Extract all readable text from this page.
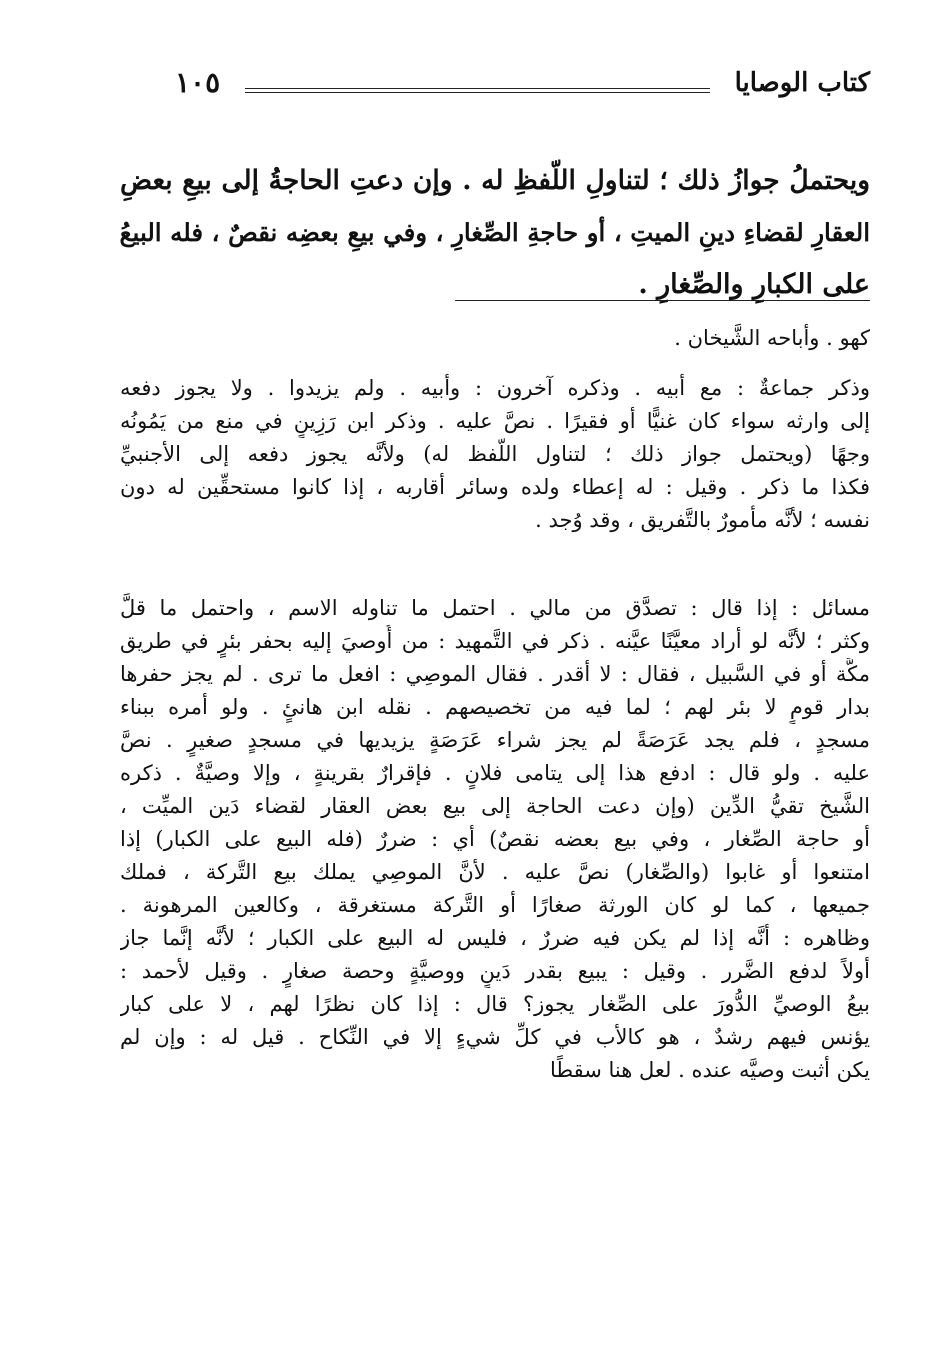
كتاب الوصايا
١٠٥
ويحتملُ جوازُ ذلك ؛ لتناولِ اللّفظِ له . وإن دعتِ الحاجةُ إلى بيعِ بعضِ
العقارِ لقضاءِ دينِ الميتِ ، أو حاجةِ الصِّغارِ ، وفي بيعِ بعضِه نقصٌ ، فله البيعُ
على الكبارِ والصِّغارِ .
كهو . وأباحه الشَّيخان .
وذكر جماعةٌ : مع أبيه . وذكره آخرون : وأبيه . ولم يزيدوا . ولا يجوز دفعه
إلى وارثه سواء كان غنيًّا أو فقيرًا . نصَّ عليه . وذكر ابن رَزِينٍ في منع من يَمُونُه
وجهًا (ويحتمل جواز ذلك ؛ لتناول اللّفظ له) ولأنَّه يجوز دفعه إلى الأجنبيِّ
فكذا ما ذكر . وقيل : له إعطاء ولده وسائر أقاربه ، إذا كانوا مستحقِّين له دون
نفسه ؛ لأنَّه مأمورٌ بالتَّفريق ، وقد وُجد .
مسائل : إذا قال : تصدَّق من مالي . احتمل ما تناوله الاسم ، واحتمل ما قلَّ
وكثر ؛ لأنَّه لو أراد معيَّنًا عيَّنه . ذكر في التَّمهيد : من أُوصيَ إليه بحفر بئرٍ في طريق
مكَّة أو في السَّبيل ، فقال : لا أقدر . فقال الموصِي : افعل ما ترى . لم يجز حفرها
بدار قومٍ لا بئر لهم ؛ لما فيه من تخصيصهم . نقله ابن هانئٍ . ولو أمره ببناء
مسجدٍ ، فلم يجد عَرَصَةً لم يجز شراء عَرَصَةٍ يزيديها في مسجدٍ صغيرٍ . نصَّ
عليه . ولو قال : ادفع هذا إلى يتامى فلانٍ . فإقرارٌ بقرينةٍ ، وإلا وصيَّةٌ . ذكره
الشَّيخ تقيُّ الدِّين (وإن دعت الحاجة إلى بيع بعض العقار لقضاء دَين الميِّت ،
أو حاجة الصِّغار ، وفي بيع بعضه نقصٌ) أي : ضررٌ (فله البيع على الكبار) إذا
امتنعوا أو غابوا (والصِّغار) نصَّ عليه . لأنَّ الموصِي يملك بيع التَّركة ، فملك
جميعها ، كما لو كان الورثة صغارًا أو التَّركة مستغرقة ، وكالعين المرهونة .
وظاهره : أنَّه إذا لم يكن فيه ضررٌ ، فليس له البيع على الكبار ؛ لأنَّه إنَّما جاز
أولاً لدفع الضَّرر . وقيل : يبيع بقدر دَينٍ ووصيَّةٍ وحصة صغارٍ . وقيل لأحمد :
بيعُ الوصيِّ الدُّورَ على الصِّغار يجوز؟ قال : إذا كان نظرًا لهم ، لا على كبار
يؤنس فيهم رشدٌ ، هو كالأب في كلِّ شيءٍ إلا في النِّكاح . قيل له : وإن لم
يكن أثبت وصيَّه عنده . لعل هنا سقطًا
